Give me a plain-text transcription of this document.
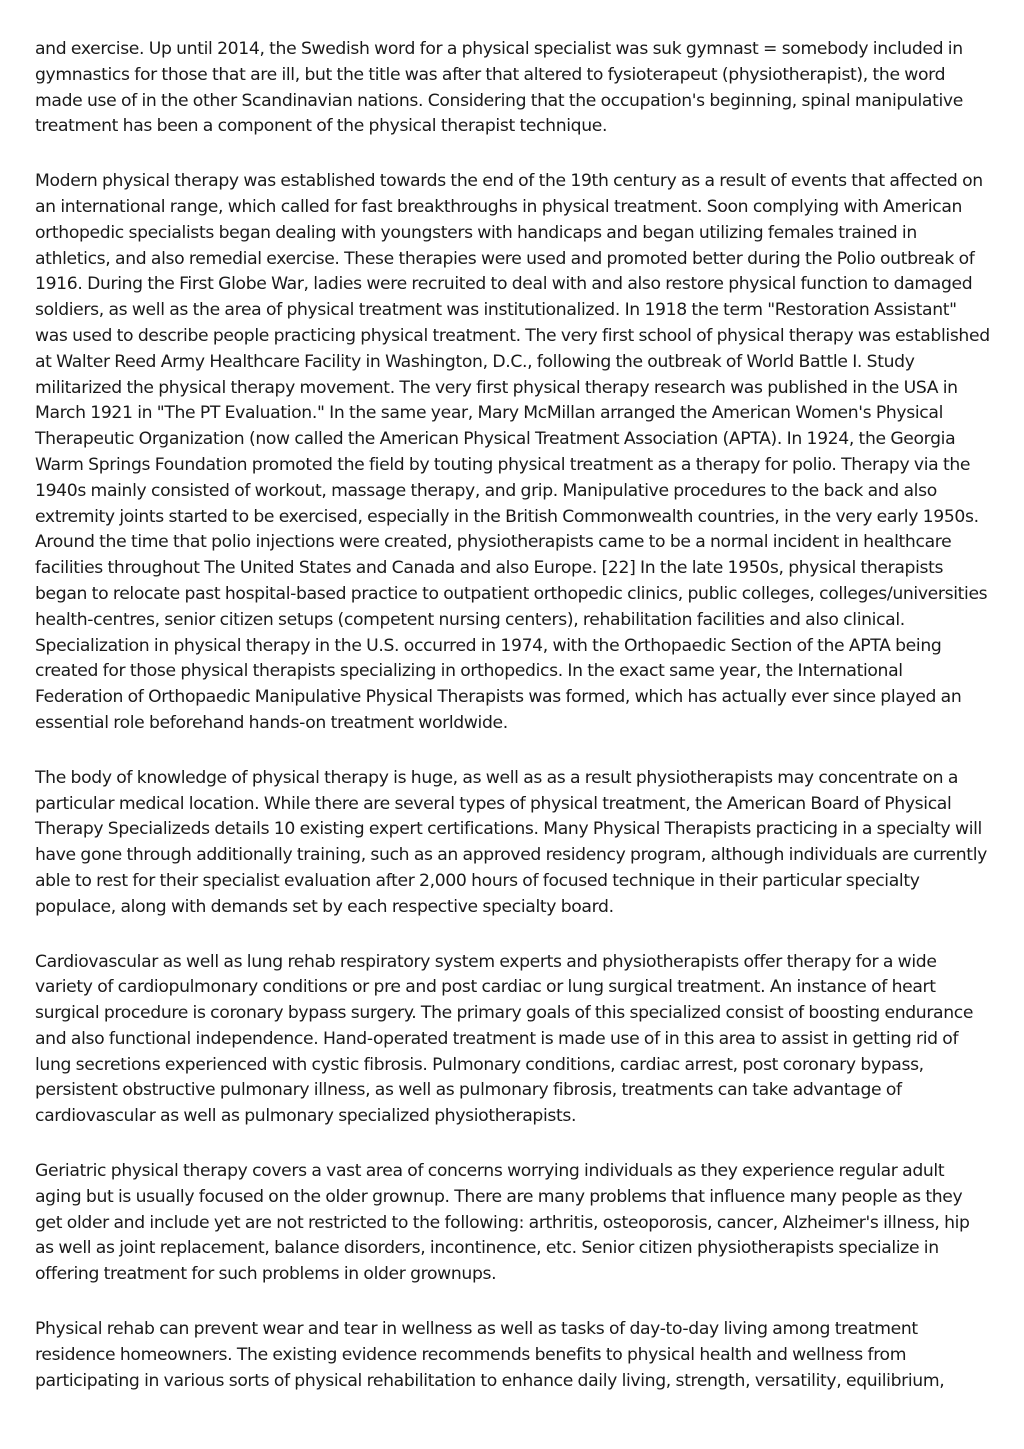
and exercise. Up until 2014, the Swedish word for a physical specialist was suk gymnast = somebody included in gymnastics for those that are ill, but the title was after that altered to fysioterapeut (physiotherapist), the word made use of in the other Scandinavian nations. Considering that the occupation's beginning, spinal manipulative treatment has been a component of the physical therapist technique.

Modern physical therapy was established towards the end of the 19th century as a result of events that affected on an international range, which called for fast breakthroughs in physical treatment. Soon complying with American orthopedic specialists began dealing with youngsters with handicaps and began utilizing females trained in athletics, and also remedial exercise. These therapies were used and promoted better during the Polio outbreak of 1916. During the First Globe War, ladies were recruited to deal with and also restore physical function to damaged soldiers, as well as the area of physical treatment was institutionalized. In 1918 the term "Restoration Assistant" was used to describe people practicing physical treatment. The very first school of physical therapy was established at Walter Reed Army Healthcare Facility in Washington, D.C., following the outbreak of World Battle I. Study militarized the physical therapy movement. The very first physical therapy research was published in the USA in March 1921 in "The PT Evaluation." In the same year, Mary McMillan arranged the American Women's Physical Therapeutic Organization (now called the American Physical Treatment Association (APTA). In 1924, the Georgia Warm Springs Foundation promoted the field by touting physical treatment as a therapy for polio. Therapy via the 1940s mainly consisted of workout, massage therapy, and grip. Manipulative procedures to the back and also extremity joints started to be exercised, especially in the British Commonwealth countries, in the very early 1950s. Around the time that polio injections were created, physiotherapists came to be a normal incident in healthcare facilities throughout The United States and Canada and also Europe. [22] In the late 1950s, physical therapists began to relocate past hospital-based practice to outpatient orthopedic clinics, public colleges, colleges/universities health-centres, senior citizen setups (competent nursing centers), rehabilitation facilities and also clinical. Specialization in physical therapy in the U.S. occurred in 1974, with the Orthopaedic Section of the APTA being created for those physical therapists specializing in orthopedics. In the exact same year, the International Federation of Orthopaedic Manipulative Physical Therapists was formed, which has actually ever since played an essential role beforehand hands-on treatment worldwide.

The body of knowledge of physical therapy is huge, as well as as a result physiotherapists may concentrate on a particular medical location. While there are several types of physical treatment, the American Board of Physical Therapy Specializeds details 10 existing expert certifications. Many Physical Therapists practicing in a specialty will have gone through additionally training, such as an approved residency program, although individuals are currently able to rest for their specialist evaluation after 2,000 hours of focused technique in their particular specialty populace, along with demands set by each respective specialty board.

Cardiovascular as well as lung rehab respiratory system experts and physiotherapists offer therapy for a wide variety of cardiopulmonary conditions or pre and post cardiac or lung surgical treatment. An instance of heart surgical procedure is coronary bypass surgery. The primary goals of this specialized consist of boosting endurance and also functional independence. Hand-operated treatment is made use of in this area to assist in getting rid of lung secretions experienced with cystic fibrosis. Pulmonary conditions, cardiac arrest, post coronary bypass, persistent obstructive pulmonary illness, as well as pulmonary fibrosis, treatments can take advantage of cardiovascular as well as pulmonary specialized physiotherapists.

Geriatric physical therapy covers a vast area of concerns worrying individuals as they experience regular adult aging but is usually focused on the older grownup. There are many problems that influence many people as they get older and include yet are not restricted to the following: arthritis, osteoporosis, cancer, Alzheimer's illness, hip as well as joint replacement, balance disorders, incontinence, etc. Senior citizen physiotherapists specialize in offering treatment for such problems in older grownups.

Physical rehab can prevent wear and tear in wellness as well as tasks of day-to-day living among treatment residence homeowners. The existing evidence recommends benefits to physical health and wellness from participating in various sorts of physical rehabilitation to enhance daily living, strength, versatility, equilibrium,
